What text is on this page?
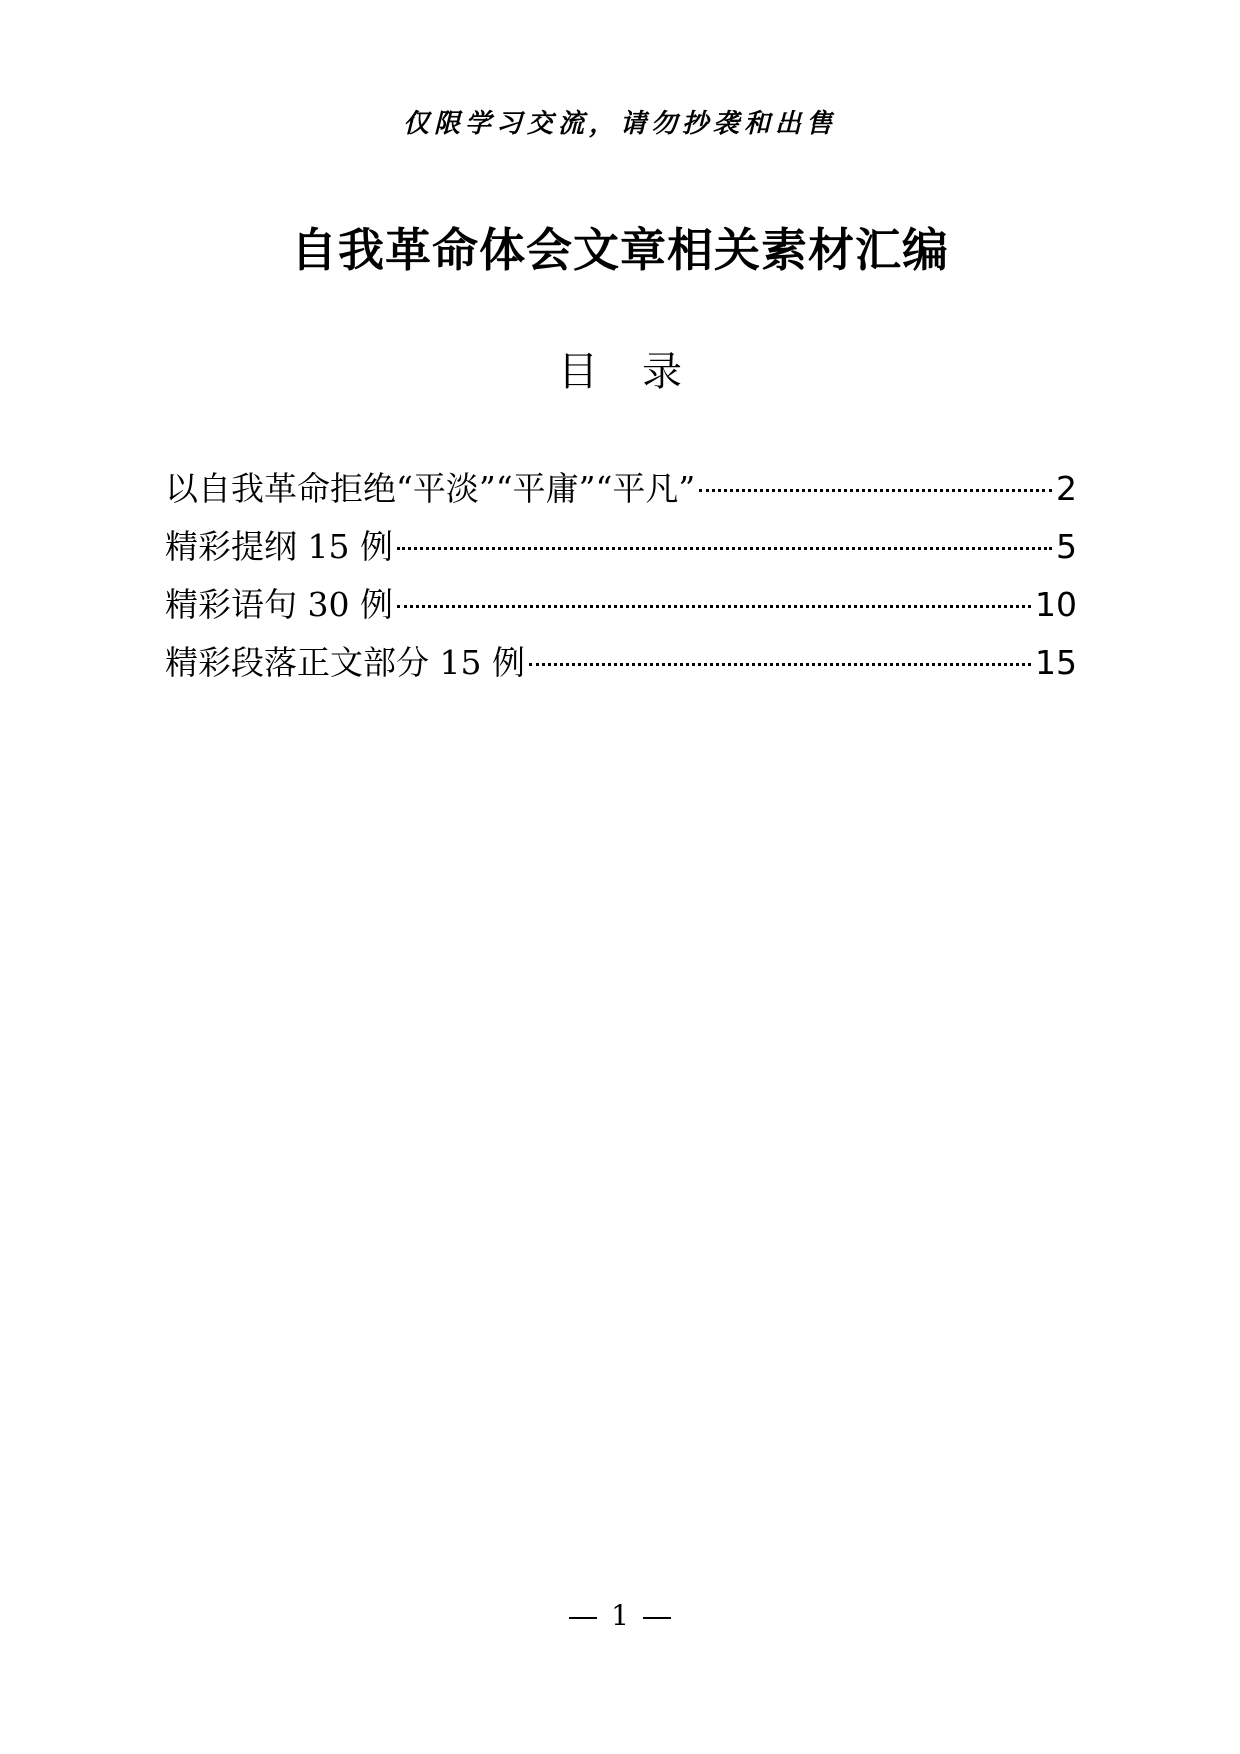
仅限学习交流，请勿抄袭和出售
自我革命体会文章相关素材汇编
目 录
以自我革命拒绝“平淡”“平庸”“平凡”	2
精彩提纲 15 例	5
精彩语句 30 例	10
精彩段落正文部分 15 例	15
1
